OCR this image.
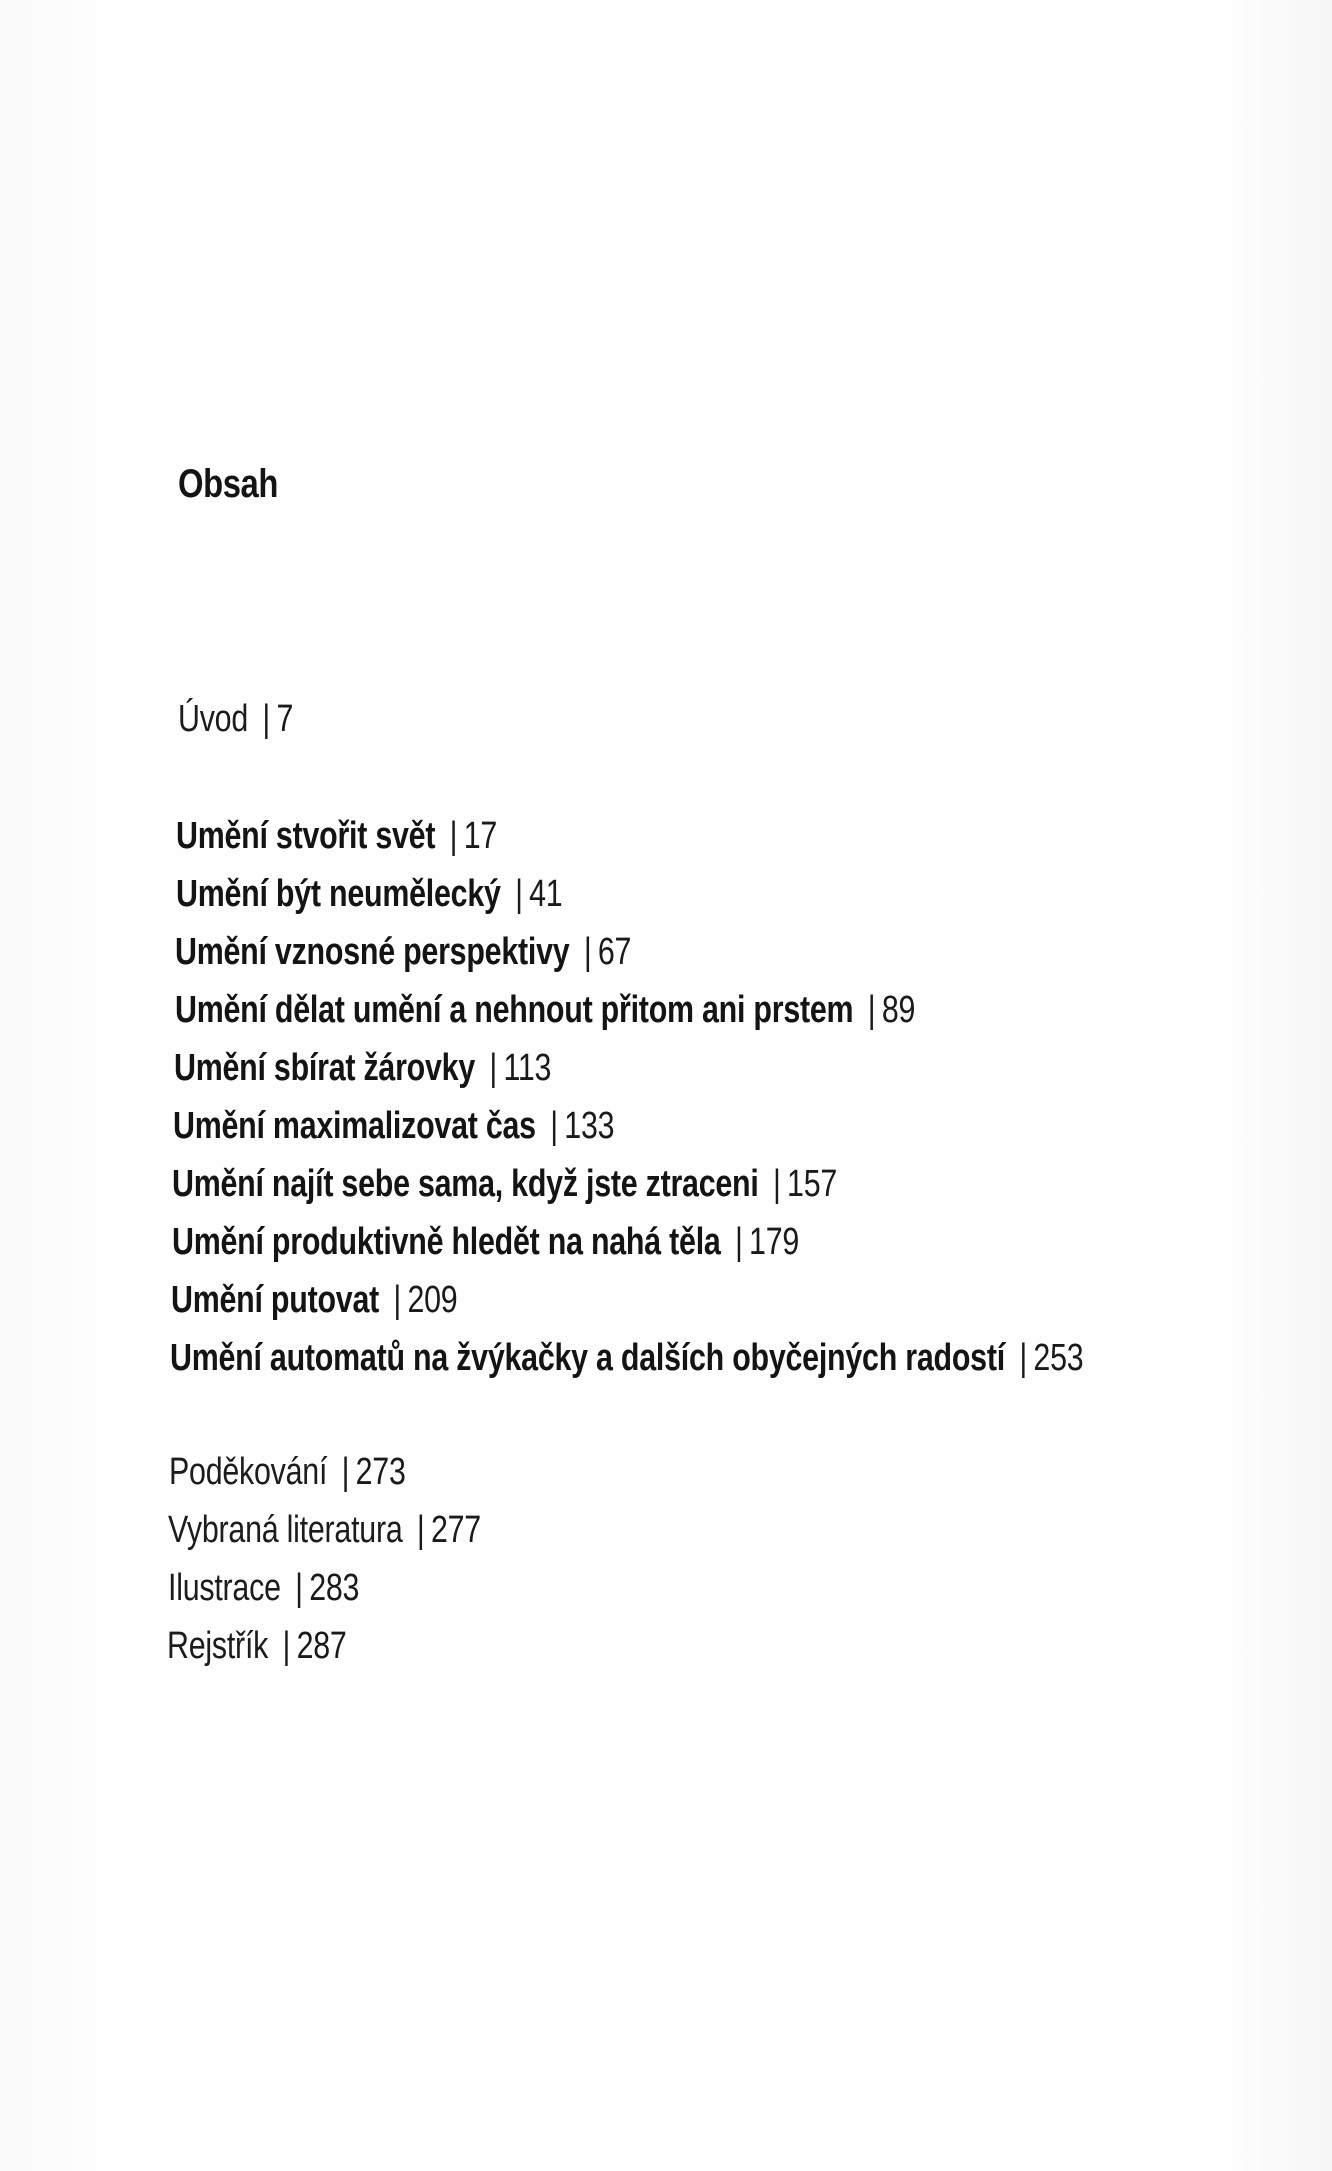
Obsah
Úvod | 7
Umění stvořit svět | 17
Umění být neumělecký | 41
Umění vznosné perspektivy | 67
Umění dělat umění a nehnout přitom ani prstem | 89
Umění sbírat žárovky | 113
Umění maximalizovat čas | 133
Umění najít sebe sama, když jste ztraceni | 157
Umění produktivně hledět na nahá těla | 179
Umění putovat | 209
Umění automatů na žvýkačky a dalších obyčejných radostí | 253
Poděkování | 273
Vybraná literatura | 277
Ilustrace | 283
Rejstřík | 287
